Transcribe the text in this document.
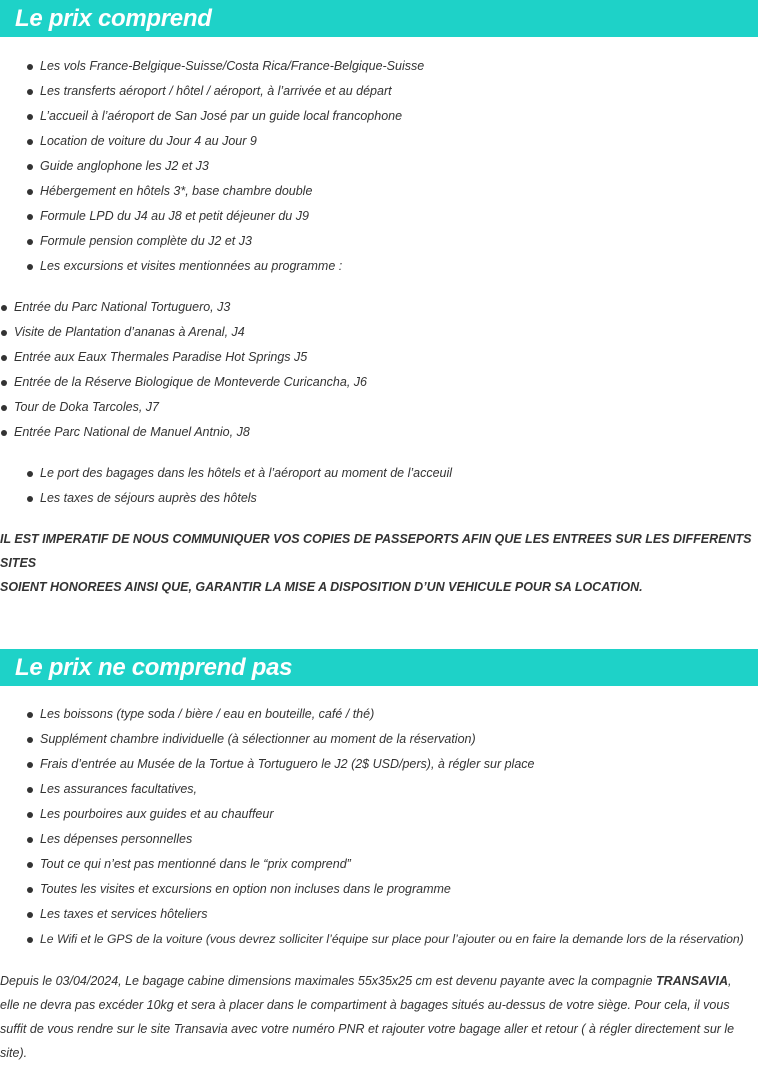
Le prix comprend
Les vols France-Belgique-Suisse/Costa Rica/France-Belgique-Suisse
Les transferts aéroport / hôtel / aéroport, à l’arrivée et au départ
L’accueil à l’aéroport de San José par un guide local francophone
Location de voiture du Jour 4 au Jour 9
Guide anglophone les J2 et J3
Hébergement en hôtels 3*, base chambre double
Formule LPD du J4 au J8 et petit déjeuner du J9
Formule pension complète du J2 et J3
Les excursions et visites mentionnées au programme :
Entrée du Parc National Tortuguero, J3
Visite de Plantation d’ananas à Arenal, J4
Entrée aux Eaux Thermales Paradise Hot Springs J5
Entrée de la Réserve Biologique de Monteverde Curicancha, J6
Tour de Doka Tarcoles, J7
Entrée Parc National de Manuel Antnio, J8
Le port des bagages dans les hôtels et à l’aéroport au moment de l’acceuil
Les taxes de séjours auprès des hôtels

IL EST IMPERATIF DE NOUS COMMUNIQUER VOS COPIES DE PASSEPORTS AFIN QUE LES ENTREES SUR LES DIFFERENTS SITES

SOIENT HONOREES AINSI QUE, GARANTIR LA MISE A DISPOSITION D’UN VEHICULE POUR SA LOCATION.

Le prix ne comprend pas
Les boissons (type soda / bière / eau en bouteille, café / thé)
Supplément chambre individuelle (à sélectionner au moment de la réservation)
Frais d’entrée au Musée de la Tortue à Tortuguero le J2 (2$ USD/pers), à régler sur place
Les assurances facultatives,
Les pourboires aux guides et au chauffeur
Les dépenses personnelles
Tout ce qui n’est pas mentionné dans le “prix comprend”
Toutes les visites et excursions en option non incluses dans le programme
Les taxes et services hôteliers
Le Wifi et le GPS de la voiture (vous devrez solliciter l’équipe sur place pour l’ajouter ou en faire la demande lors de la réservation)

Depuis le 03/04/2024, Le bagage cabine dimensions maximales 55x35x25 cm est devenu payante avec la compagnie TRANSAVIA, elle ne devra pas excéder 10kg et sera à placer dans le compartiment à bagages situés au-dessus de votre siège. Pour cela, il vous suffit de vous rendre sur le site Transavia avec votre numéro PNR et rajouter votre bagage aller et retour ( à régler directement sur le site).
